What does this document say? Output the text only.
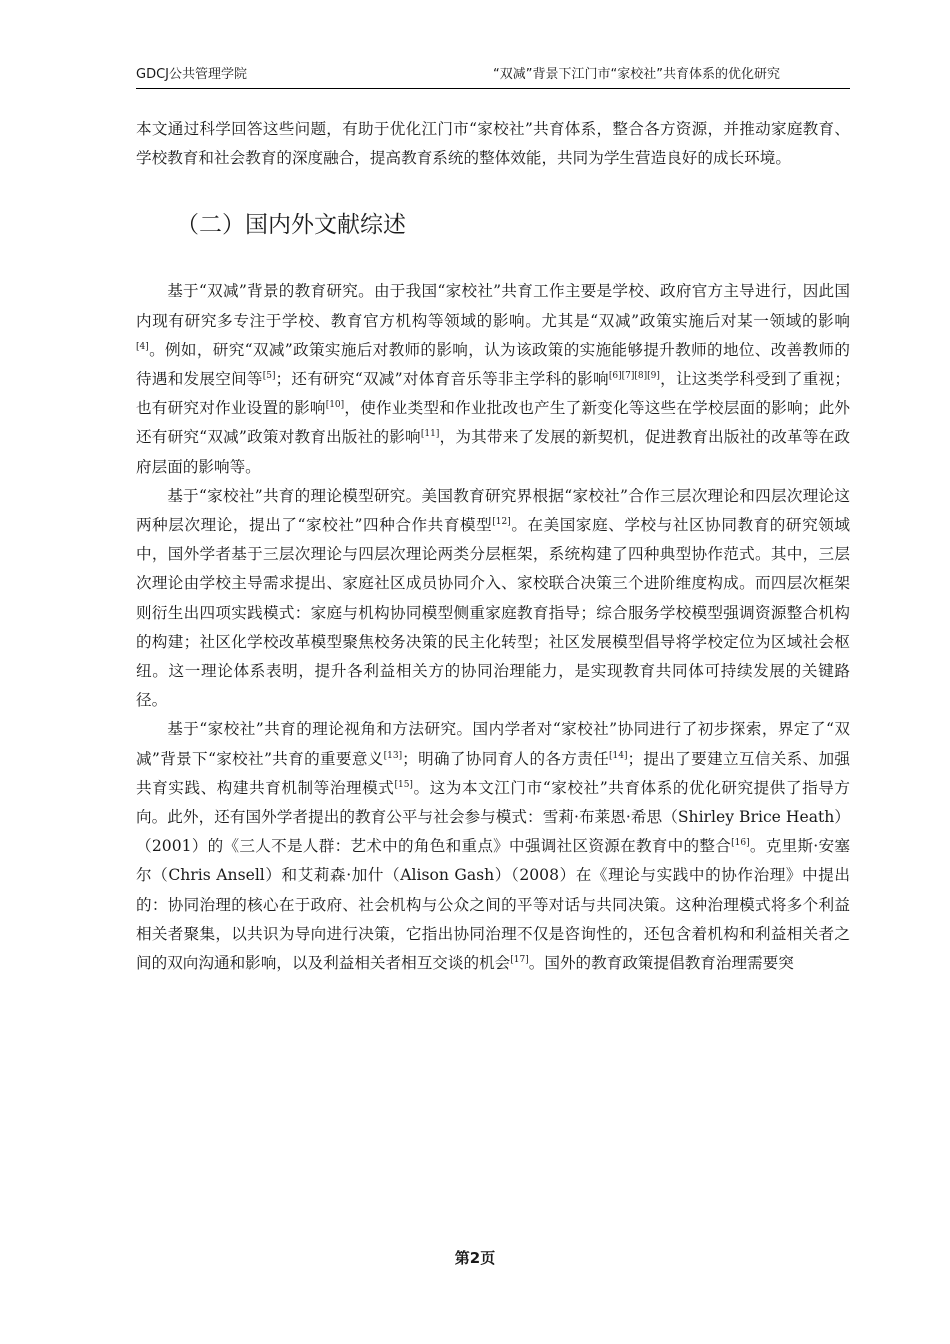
GDCJ公共管理学院	“双减”背景下江门市“家校社”共育体系的优化研究

本文通过科学回答这些问题，有助于优化江门市“家校社”共育体系，整合各方资源，并推动家庭教育、学校教育和社会教育的深度融合，提高教育系统的整体效能，共同为学生营造良好的成长环境。

（二）国内外文献综述

基于“双减”背景的教育研究。由于我国“家校社”共育工作主要是学校、政府官方主导进行，因此国内现有研究多专注于学校、教育官方机构等领域的影响。尤其是“双减”政策实施后对某一领域的影响[4]。例如，研究“双减”政策实施后对教师的影响，认为该政策的实施能够提升教师的地位、改善教师的待遇和发展空间等[5]；还有研究“双减”对体育音乐等非主学科的影响[6][7][8][9]，让这类学科受到了重视；也有研究对作业设置的影响[10]，使作业类型和作业批改也产生了新变化等这些在学校层面的影响；此外还有研究“双减”政策对教育出版社的影响[11]，为其带来了发展的新契机，促进教育出版社的改革等在政府层面的影响等。

基于“家校社”共育的理论模型研究。美国教育研究界根据“家校社”合作三层次理论和四层次理论这两种层次理论，提出了“家校社”四种合作共育模型[12]。在美国家庭、学校与社区协同教育的研究领域中，国外学者基于三层次理论与四层次理论两类分层框架，系统构建了四种典型协作范式。其中，三层次理论由学校主导需求提出、家庭社区成员协同介入、家校联合决策三个进阶维度构成。而四层次框架则衍生出四项实践模式：家庭与机构协同模型侧重家庭教育指导；综合服务学校模型强调资源整合机构的构建；社区化学校改革模型聚焦校务决策的民主化转型；社区发展模型倡导将学校定位为区域社会枢纽。这一理论体系表明，提升各利益相关方的协同治理能力，是实现教育共同体可持续发展的关键路径。

基于“家校社”共育的理论视角和方法研究。国内学者对“家校社”协同进行了初步探索，界定了“双减”背景下“家校社”共育的重要意义[13]；明确了协同育人的各方责任[14]；提出了要建立互信关系、加强共育实践、构建共育机制等治理模式[15]。这为本文江门市“家校社”共育体系的优化研究提供了指导方向。此外，还有国外学者提出的教育公平与社会参与模式：雪莉·布莱恩·希思（Shirley Brice Heath）（2001）的《三人不是人群：艺术中的角色和重点》中强调社区资源在教育中的整合[16]。克里斯·安塞尔（Chris Ansell）和艾莉森·加什（Alison Gash）（2008）在《理论与实践中的协作治理》中提出的：协同治理的核心在于政府、社会机构与公众之间的平等对话与共同决策。这种治理模式将多个利益相关者聚集，以共识为导向进行决策，它指出协同治理不仅是咨询性的，还包含着机构和利益相关者之间的双向沟通和影响，以及利益相关者相互交谈的机会[17]。国外的教育政策提倡教育治理需要突

第2页
